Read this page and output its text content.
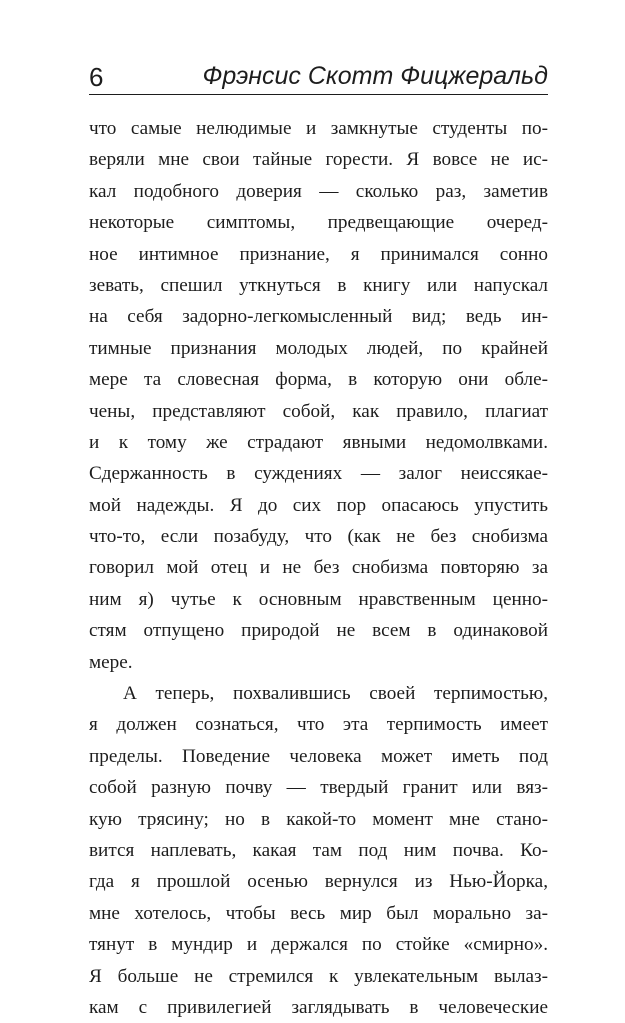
6	Фрэнсис Скотт Фицжеральд
что самые нелюдимые и замкнутые студенты по-
веряли мне свои тайные горести. Я вовсе не ис-
кал подобного доверия — сколько раз, заметив
некоторые симптомы, предвещающие очеред-
ное интимное признание, я принимался сонно
зевать, спешил уткнуться в книгу или напускал
на себя задорно-легкомысленный вид; ведь ин-
тимные признания молодых людей, по крайней
мере та словесная форма, в которую они обле-
чены, представляют собой, как правило, плагиат
и к тому же страдают явными недомолвками.
Сдержанность в суждениях — залог неиссякае-
мой надежды. Я до сих пор опасаюсь упустить
что-то, если позабуду, что (как не без снобизма
говорил мой отец и не без снобизма повторяю за
ним я) чутье к основным нравственным ценно-
стям отпущено природой не всем в одинаковой
мере.
А теперь, похвалившись своей терпимостью,
я должен сознаться, что эта терпимость имеет
пределы. Поведение человека может иметь под
собой разную почву — твердый гранит или вяз-
кую трясину; но в какой-то момент мне стано-
вится наплевать, какая там под ним почва. Ко-
гда я прошлой осенью вернулся из Нью-Йорка,
мне хотелось, чтобы весь мир был морально за-
тянут в мундир и держался по стойке «смирно».
Я больше не стремился к увлекательным вылаз-
кам с привилегией заглядывать в человеческие
